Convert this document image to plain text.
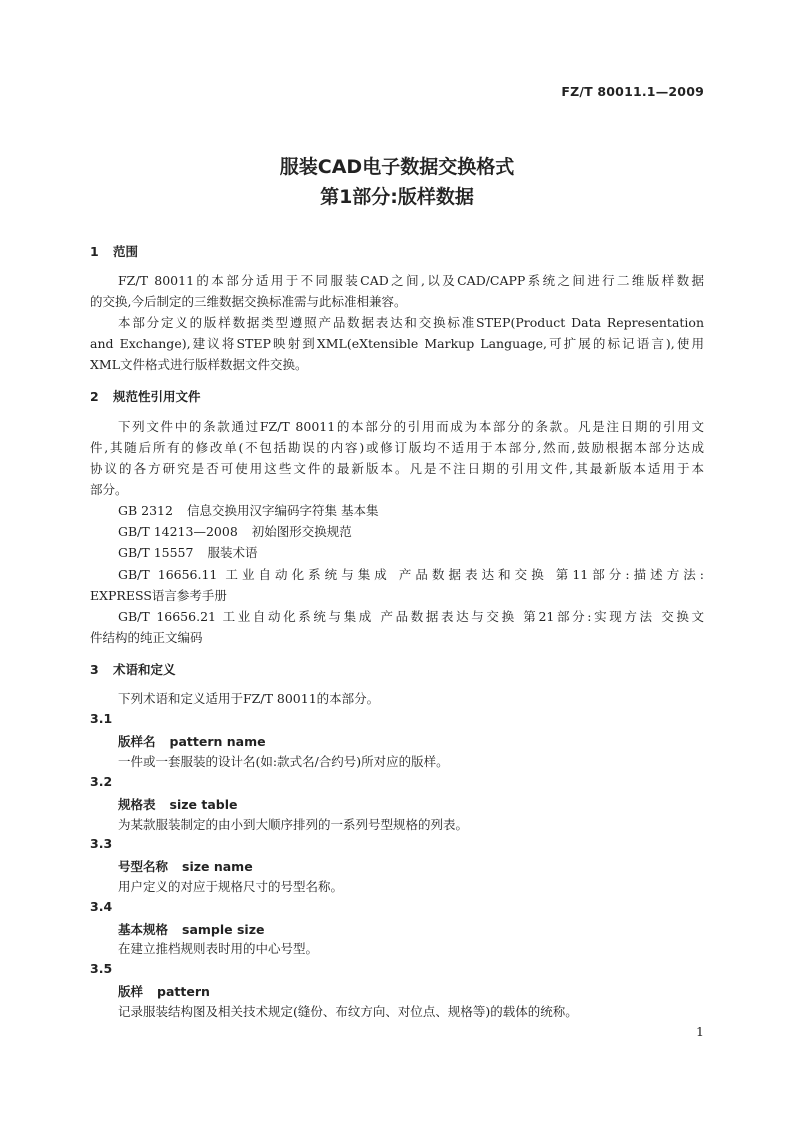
FZ/T 80011.1—2009
服装CAD电子数据交换格式
第1部分:版样数据
1 范围
FZ/T 80011的本部分适用于不同服装CAD之间,以及CAD/CAPP系统之间进行二维版样数据
的交换,今后制定的三维数据交换标准需与此标准相兼容。
本部分定义的版样数据类型遵照产品数据表达和交换标准STEP(Product Data Representation
and Exchange),建议将STEP映射到XML(eXtensible Markup Language,可扩展的标记语言),使用
XML文件格式进行版样数据文件交换。
2 规范性引用文件
下列文件中的条款通过FZ/T 80011的本部分的引用而成为本部分的条款。凡是注日期的引用文
件,其随后所有的修改单(不包括勘误的内容)或修订版均不适用于本部分,然而,鼓励根据本部分达成
协议的各方研究是否可使用这些文件的最新版本。凡是不注日期的引用文件,其最新版本适用于本
部分。
GB 2312 信息交换用汉字编码字符集 基本集
GB/T 14213—2008 初始图形交换规范
GB/T 15557 服装术语
GB/T 16656.11 工业自动化系统与集成 产品数据表达和交换 第11部分:描述方法:
EXPRESS语言参考手册
GB/T 16656.21 工业自动化系统与集成 产品数据表达与交换 第21部分:实现方法 交换文
件结构的纯正文编码
3 术语和定义
下列术语和定义适用于FZ/T 80011的本部分。
3.1
版样名 pattern name
一件或一套服装的设计名(如:款式名/合约号)所对应的版样。
3.2
规格表 size table
为某款服装制定的由小到大顺序排列的一系列号型规格的列表。
3.3
号型名称 size name
用户定义的对应于规格尺寸的号型名称。
3.4
基本规格 sample size
在建立推档规则表时用的中心号型。
3.5
版样 pattern
记录服装结构图及相关技术规定(缝份、布纹方向、对位点、规格等)的载体的统称。
1
